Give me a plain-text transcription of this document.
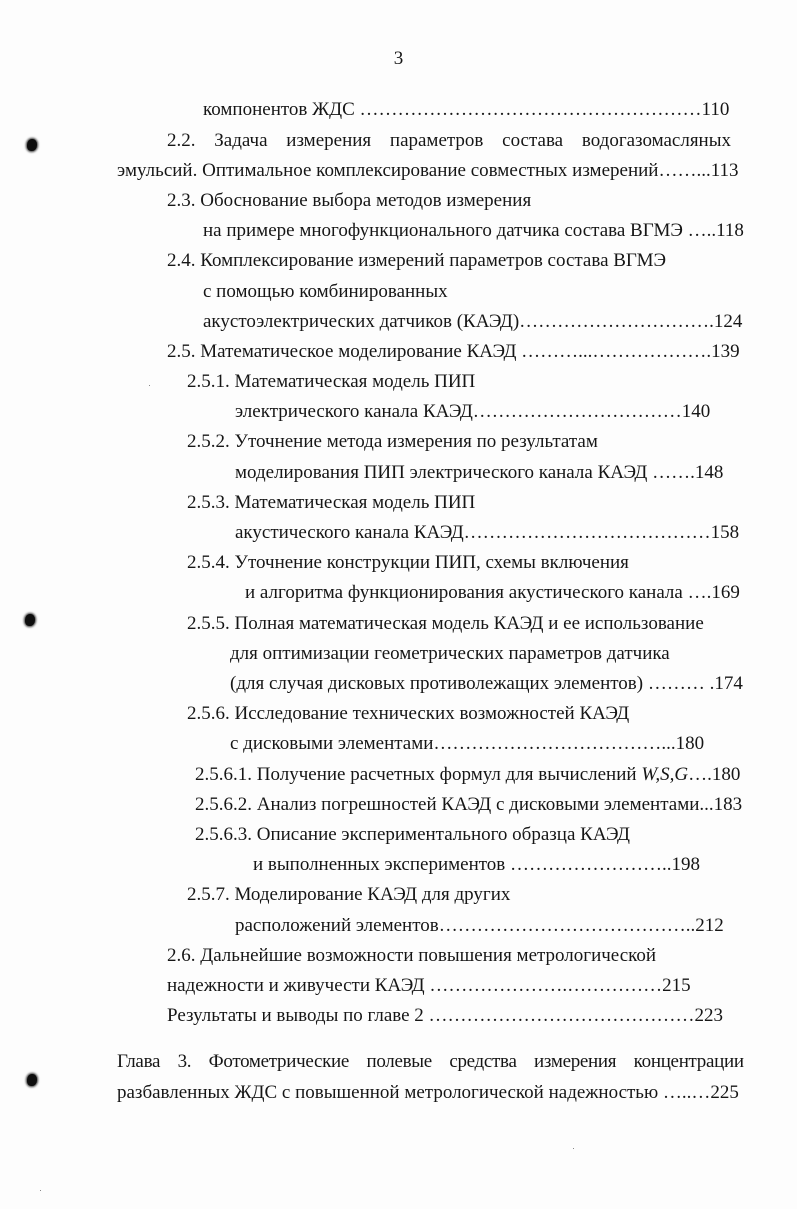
3
компонентов ЖДС ………………………………………………110
2.2. Задача измерения параметров состава водогазомасляных
эмульсий. Оптимальное комплексирование совместных измерений……...113
2.3. Обоснование выбора методов измерения
на примере многофункционального датчика состава ВГМЭ …..118
2.4. Комплексирование измерений параметров состава ВГМЭ
с помощью комбинированных
акустоэлектрических датчиков (КАЭД)………………………….124
2.5. Математическое моделирование КАЭД ………...……………….139
2.5.1. Математическая модель ПИП
электрического канала КАЭД……………………………140
2.5.2. Уточнение метода измерения по результатам
моделирования ПИП электрического канала КАЭД …….148
2.5.3. Математическая модель ПИП
акустического канала КАЭД…………………………………158
2.5.4. Уточнение конструкции ПИП, схемы включения
и алгоритма функционирования акустического канала ….169
2.5.5. Полная математическая модель КАЭД и ее использование
для оптимизации геометрических параметров датчика
(для случая дисковых противолежащих элементов) ……… .174
2.5.6. Исследование технических возможностей КАЭД
с дисковыми элементами………………………………...180
2.5.6.1. Получение расчетных формул для вычислений W,S,G….180
2.5.6.2. Анализ погрешностей КАЭД с дисковыми элементами...183
2.5.6.3. Описание экспериментального образца КАЭД
и выполненных экспериментов ……………………..198
2.5.7. Моделирование КАЭД для других
расположений элементов…………………………………..212
2.6. Дальнейшие возможности повышения метрологической
надежности и живучести КАЭД ………………….……………215
Результаты и выводы по главе 2 ……………………………………223
Глава 3. Фотометрические полевые средства измерения концентрации
разбавленных ЖДС с повышенной метрологической надежностью …..…225
